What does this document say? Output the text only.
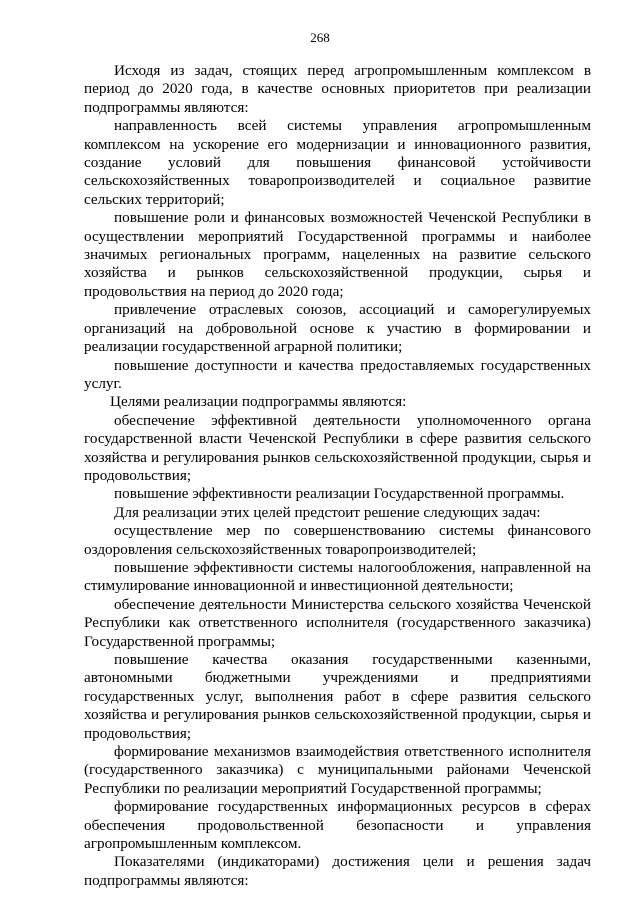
268

Исходя из задач, стоящих перед агропромышленным комплексом в период до 2020 года, в качестве основных приоритетов при реализации подпрограммы являются:

направленность всей системы управления агропромышленным комплексом на ускорение его модернизации и инновационного развития, создание условий для повышения финансовой устойчивости сельскохозяйственных товаропроизводителей и социальное развитие сельских территорий;

повышение роли и финансовых возможностей Чеченской Республики в осуществлении мероприятий Государственной программы и наиболее значимых региональных программ, нацеленных на развитие сельского хозяйства и рынков сельскохозяйственной продукции, сырья и продовольствия на период до 2020 года;

привлечение отраслевых союзов, ассоциаций и саморегулируемых организаций на добровольной основе к участию в формировании и реализации государственной аграрной политики;

повышение доступности и качества предоставляемых государственных услуг.

Целями реализации подпрограммы являются:

обеспечение эффективной деятельности уполномоченного органа государственной власти Чеченской Республики в сфере развития сельского хозяйства и регулирования рынков сельскохозяйственной продукции, сырья и продовольствия;

повышение эффективности реализации Государственной программы.

Для реализации этих целей предстоит решение следующих задач:

осуществление мер по совершенствованию системы финансового оздоровления сельскохозяйственных товаропроизводителей;

повышение эффективности системы налогообложения, направленной на стимулирование инновационной и инвестиционной деятельности;

обеспечение деятельности Министерства сельского хозяйства Чеченской Республики как ответственного исполнителя (государственного заказчика) Государственной программы;

повышение качества оказания государственными казенными, автономными бюджетными учреждениями и предприятиями государственных услуг, выполнения работ в сфере развития сельского хозяйства и регулирования рынков сельскохозяйственной продукции, сырья и продовольствия;

формирование механизмов взаимодействия ответственного исполнителя (государственного заказчика) с муниципальными районами Чеченской Республики по реализации мероприятий Государственной программы;

формирование государственных информационных ресурсов в сферах обеспечения продовольственной безопасности и управления агропромышленным комплексом.

Показателями (индикаторами) достижения цели и решения задач подпрограммы являются:
